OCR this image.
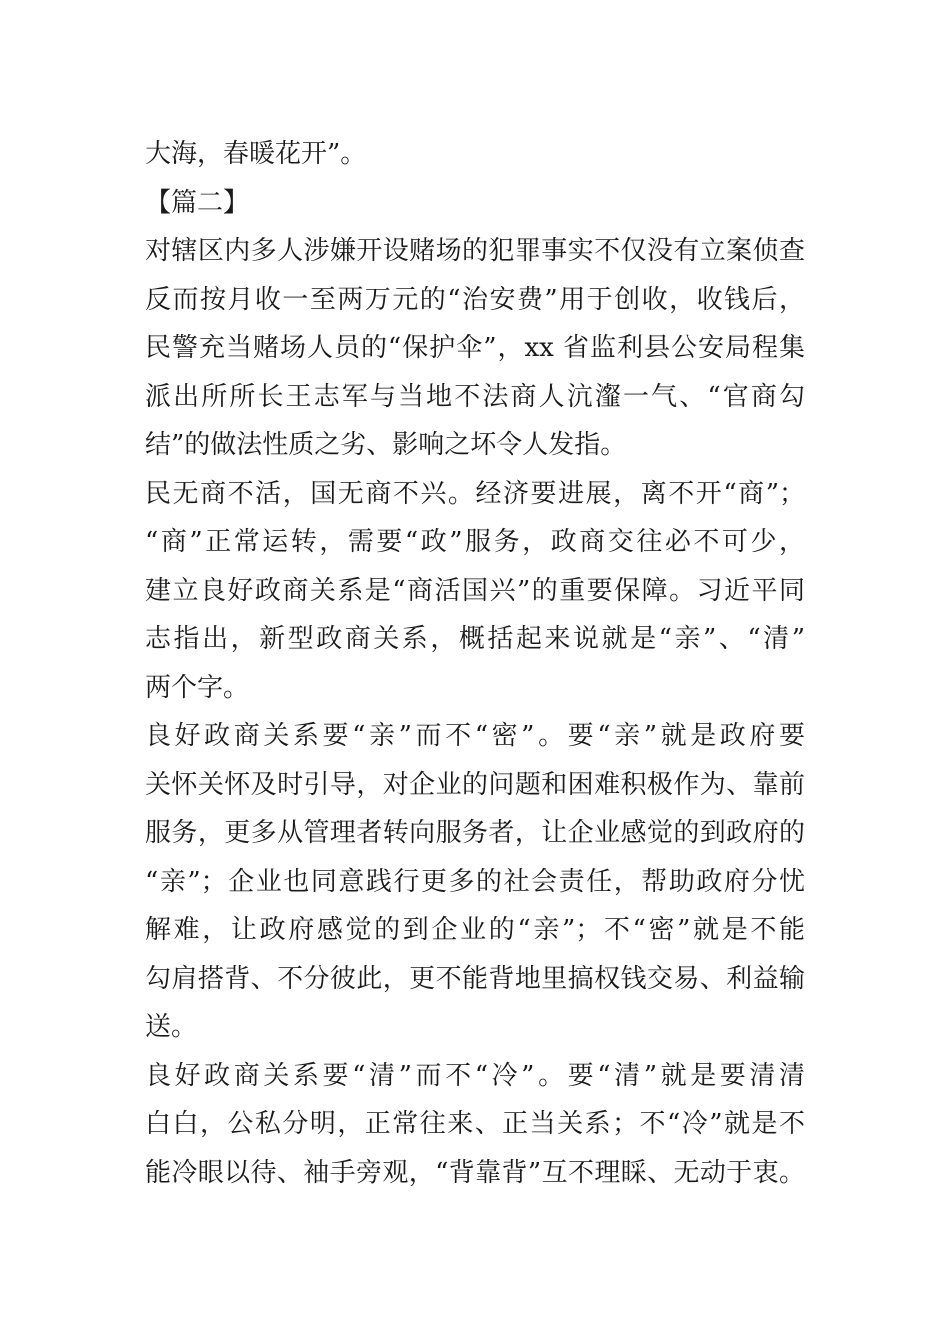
大海，春暖花开”。
【篇二】
对辖区内多人涉嫌开设赌场的犯罪事实不仅没有立案侦查
反而按月收一至两万元的“治安费”用于创收，收钱后，
民警充当赌场人员的“保护伞”，xx 省监利县公安局程集
派出所所长王志军与当地不法商人沆瀣一气、“官商勾
结”的做法性质之劣、影响之坏令人发指。
民无商不活，国无商不兴。经济要进展，离不开“商”；
“商”正常运转，需要“政”服务，政商交往必不可少，
建立良好政商关系是“商活国兴”的重要保障。习近平同
志指出，新型政商关系，概括起来说就是“亲”、“清”
两个字。
良好政商关系要“亲”而不“密”。要“亲”就是政府要
关怀关怀及时引导，对企业的问题和困难积极作为、靠前
服务，更多从管理者转向服务者，让企业感觉的到政府的
“亲”；企业也同意践行更多的社会责任，帮助政府分忧
解难，让政府感觉的到企业的“亲”；不“密”就是不能
勾肩搭背、不分彼此，更不能背地里搞权钱交易、利益输
送。
良好政商关系要“清”而不“冷”。要“清”就是要清清
白白，公私分明，正常往来、正当关系；不“冷”就是不
能冷眼以待、袖手旁观，“背靠背”互不理睬、无动于衷。
